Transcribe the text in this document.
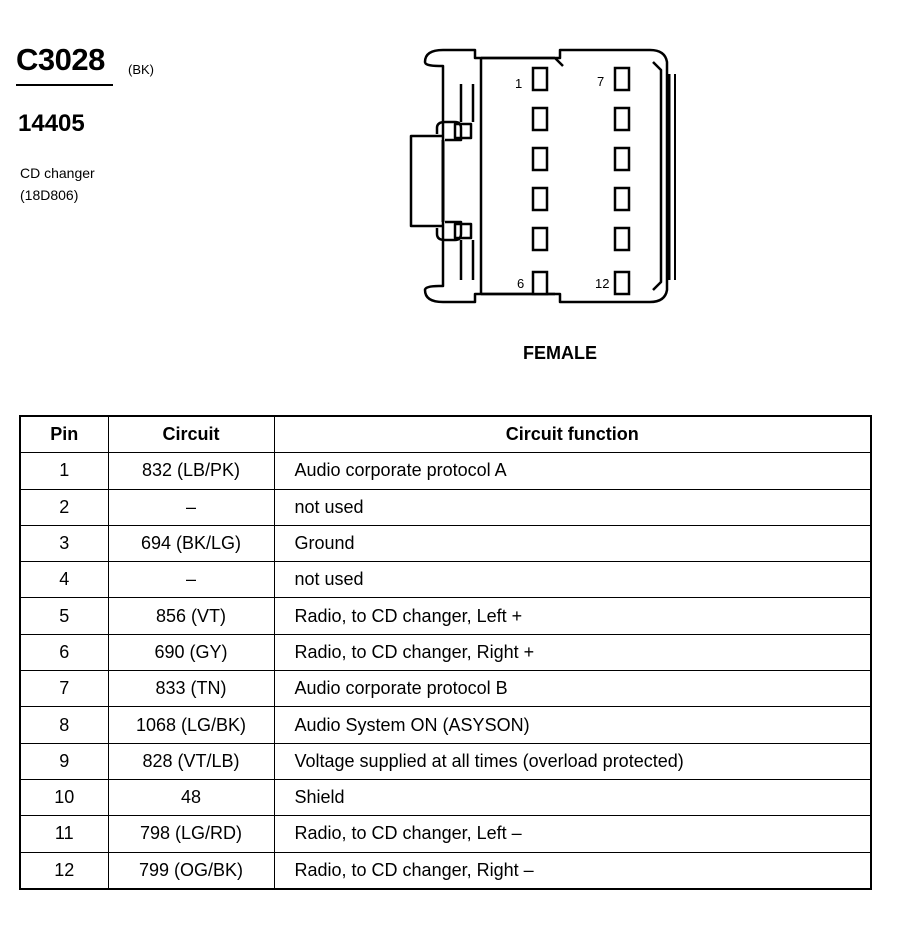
C3028 (BK)
14405
CD changer
(18D806)
1	7
6	12
FEMALE
Pin	Circuit	Circuit function
1	832 (LB/PK)	Audio corporate protocol A
2	–	not used
3	694 (BK/LG)	Ground
4	–	not used
5	856 (VT)	Radio, to CD changer, Left +
6	690 (GY)	Radio, to CD changer, Right +
7	833 (TN)	Audio corporate protocol B
8	1068 (LG/BK)	Audio System ON (ASYSON)
9	828 (VT/LB)	Voltage supplied at all times (overload protected)
10	48	Shield
11	798 (LG/RD)	Radio, to CD changer, Left –
12	799 (OG/BK)	Radio, to CD changer, Right –
